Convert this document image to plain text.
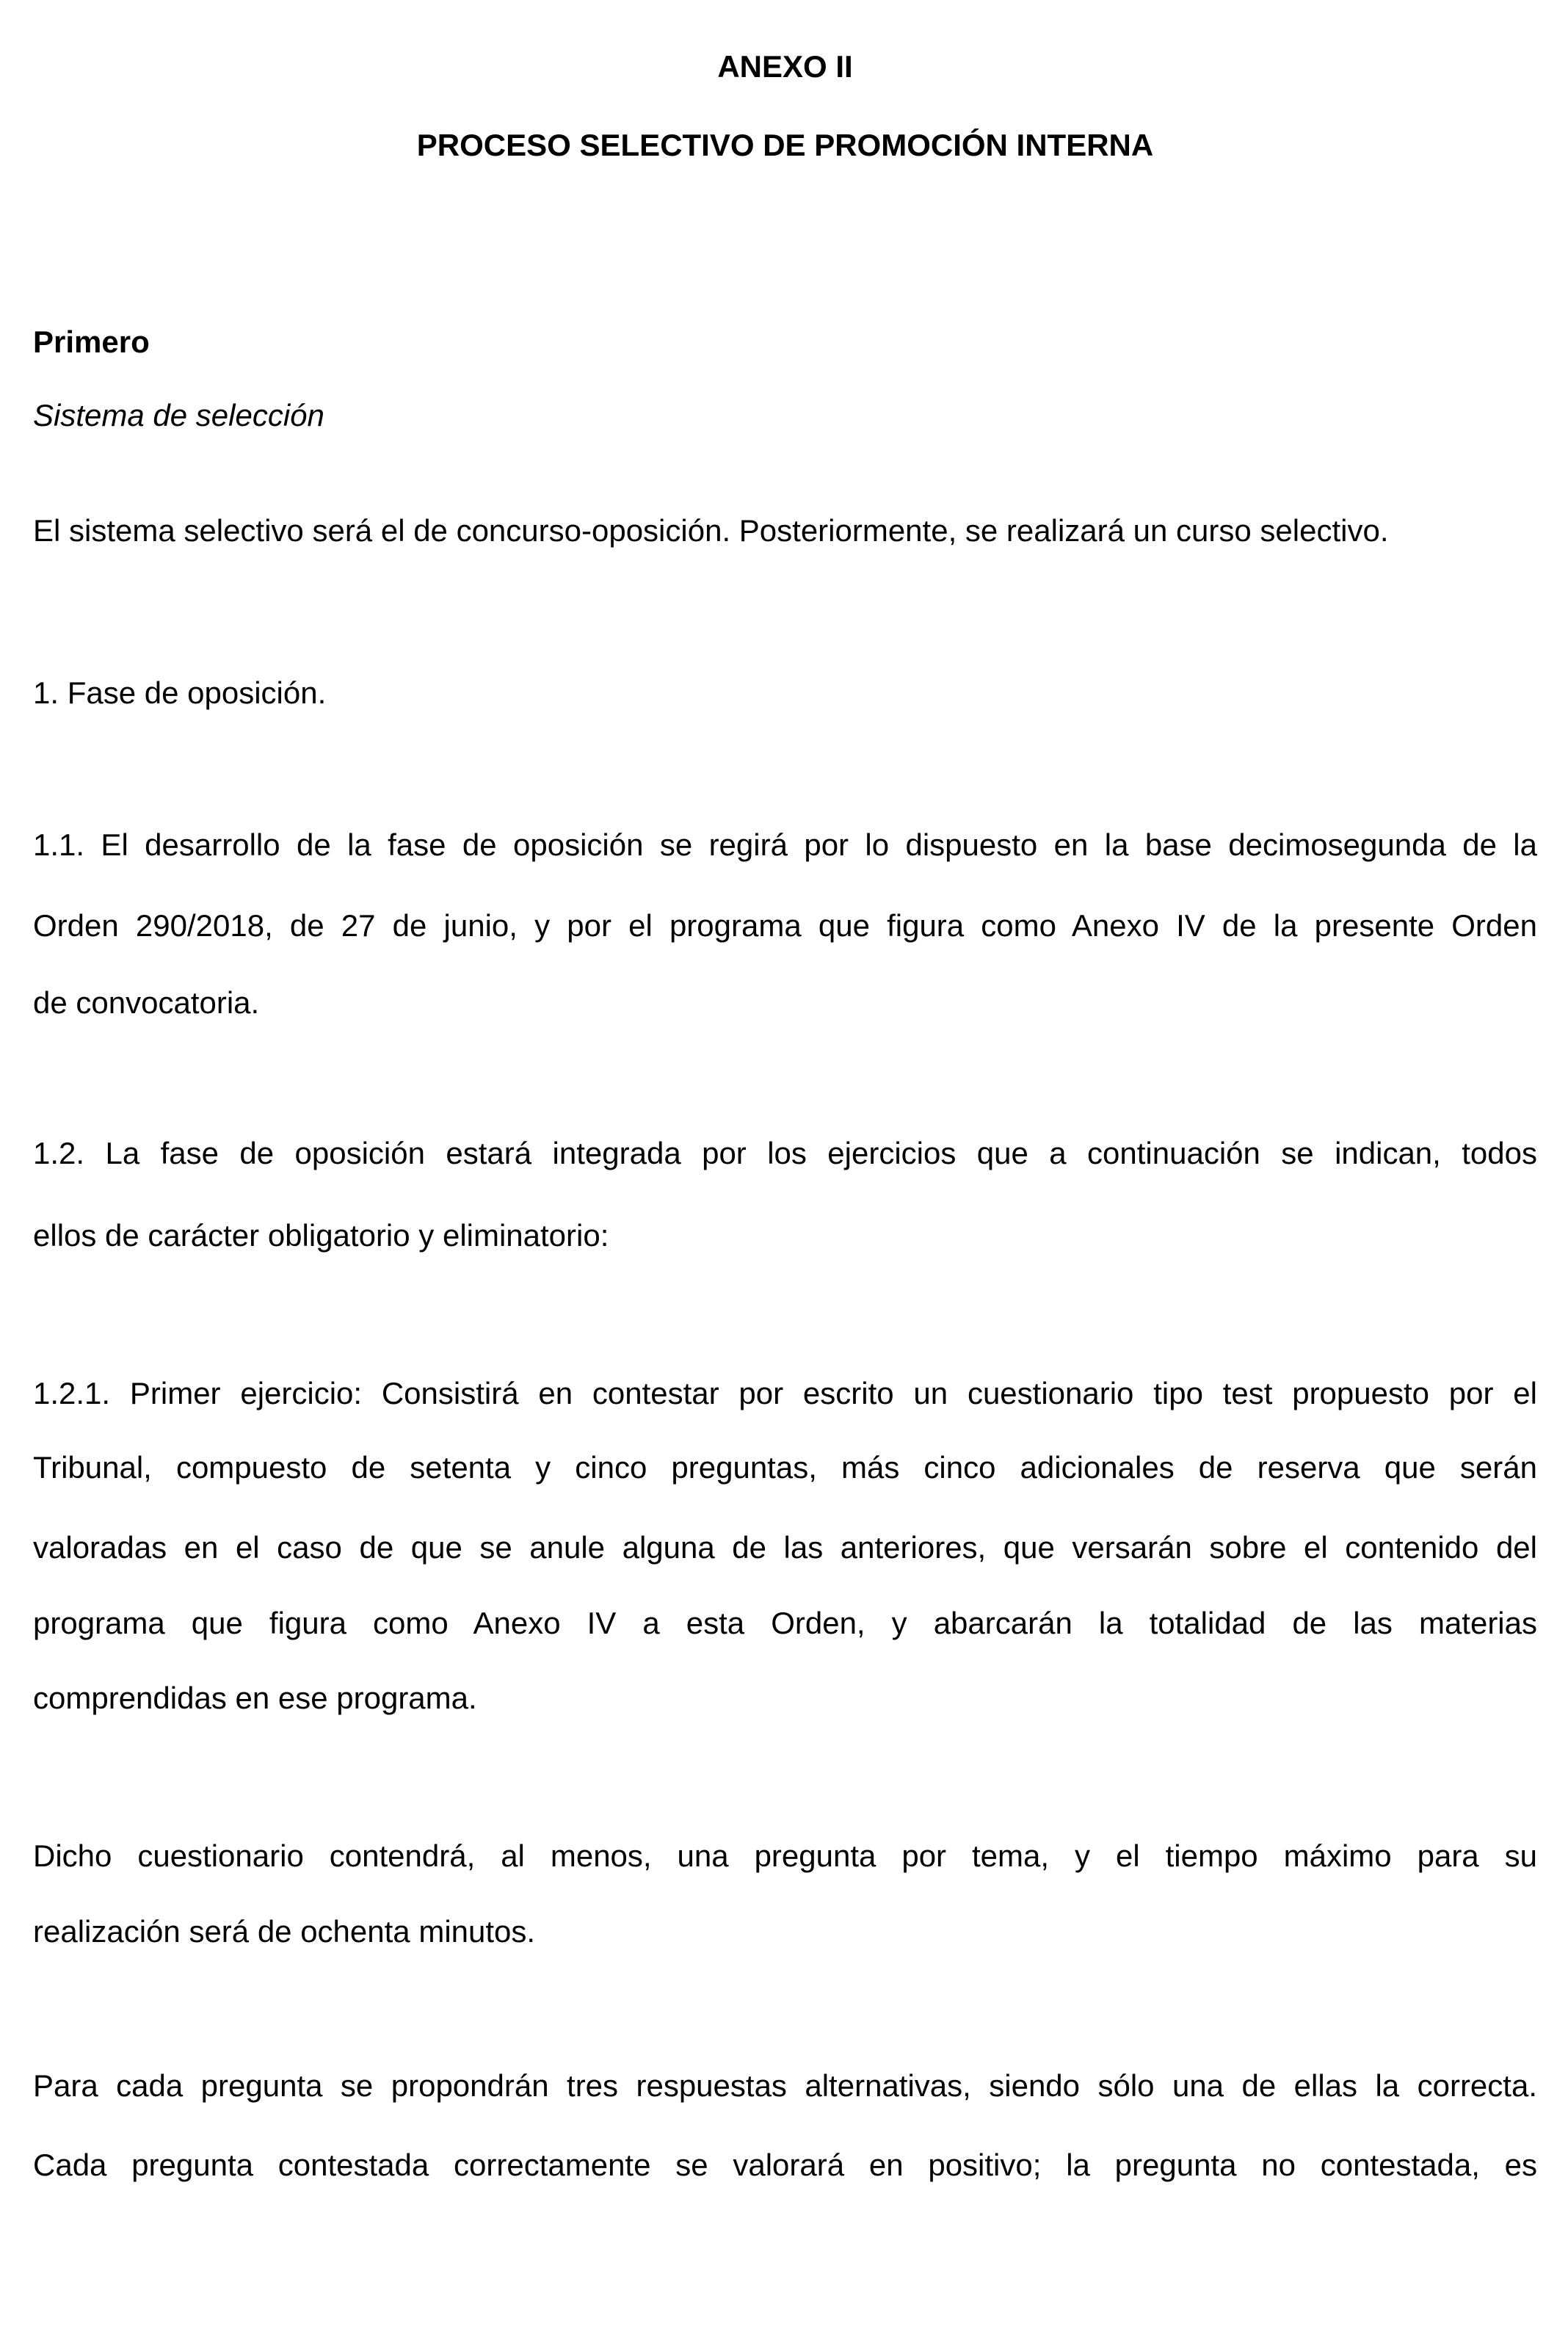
ANEXO II
PROCESO SELECTIVO DE PROMOCIÓN INTERNA
Primero
Sistema de selección
El sistema selectivo será el de concurso-oposición. Posteriormente, se realizará un curso selectivo.
1. Fase de oposición.
1.1. El desarrollo de la fase de oposición se regirá por lo dispuesto en la base decimosegunda de la
Orden 290/2018, de 27 de junio, y por el programa que figura como Anexo IV de la presente Orden
de convocatoria.
1.2. La fase de oposición estará integrada por los ejercicios que a continuación se indican, todos
ellos de carácter obligatorio y eliminatorio:
1.2.1. Primer ejercicio: Consistirá en contestar por escrito un cuestionario tipo test propuesto por el
Tribunal, compuesto de setenta y cinco preguntas, más cinco adicionales de reserva que serán
valoradas en el caso de que se anule alguna de las anteriores, que versarán sobre el contenido del
programa que figura como Anexo IV a esta Orden, y abarcarán la totalidad de las materias
comprendidas en ese programa.
Dicho cuestionario contendrá, al menos, una pregunta por tema, y el tiempo máximo para su
realización será de ochenta minutos.
Para cada pregunta se propondrán tres respuestas alternativas, siendo sólo una de ellas la correcta.
Cada pregunta contestada correctamente se valorará en positivo; la pregunta no contestada, es
